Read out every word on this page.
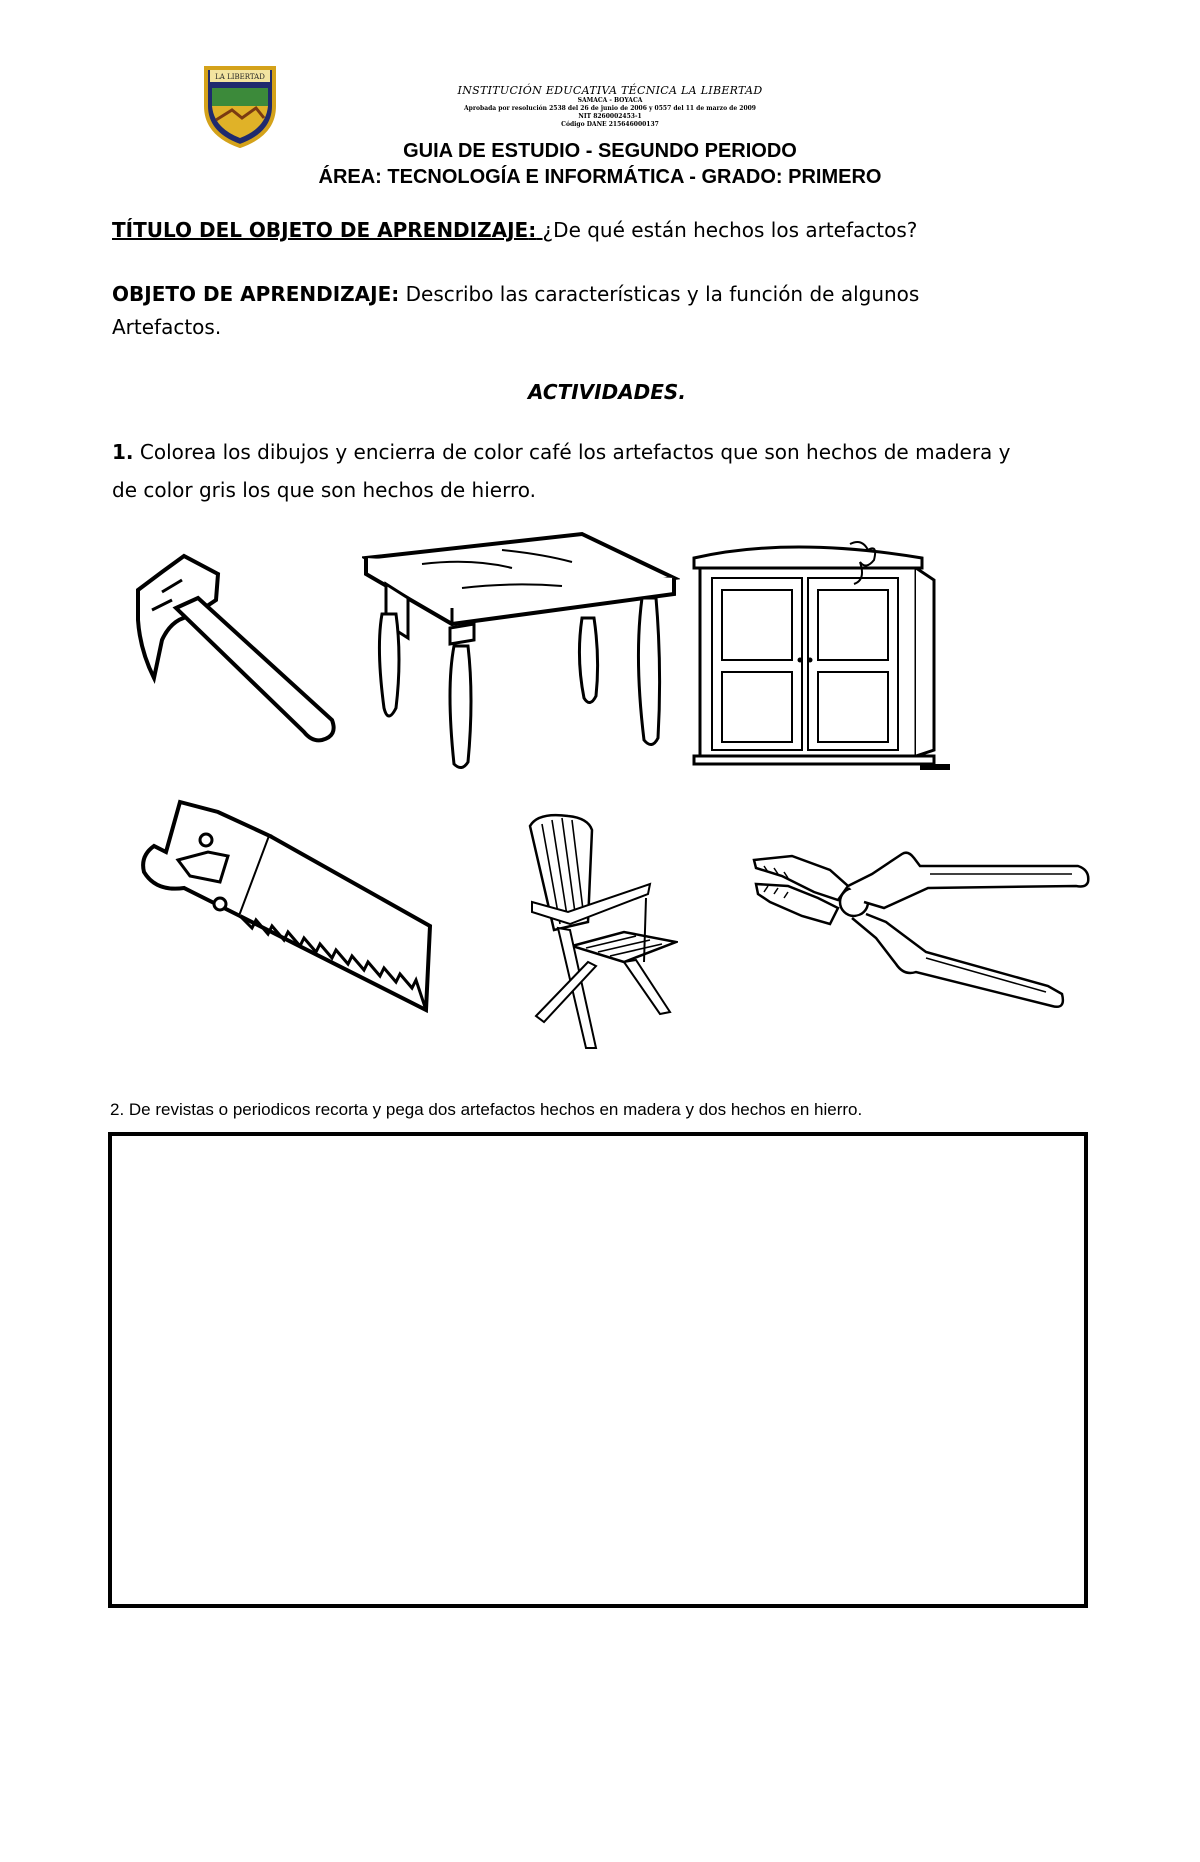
LA LIBERTAD
INSTITUCIÓN EDUCATIVA TÉCNICA LA LIBERTAD
SAMACA - BOYACA
Aprobada por resolución 2538 del 26 de junio de 2006 y 0557 del 11 de marzo de 2009
NIT 8260002453-1
Código DANE 215646000137
GUIA DE ESTUDIO - SEGUNDO PERIODO
ÁREA: TECNOLOGÍA E INFORMÁTICA - GRADO: PRIMERO
TÍTULO DEL OBJETO DE APRENDIZAJE: ¿De qué están hechos los artefactos?
OBJETO DE APRENDIZAJE: Describo las características y la función de algunos
Artefactos.
ACTIVIDADES.
1. Colorea los dibujos y encierra de color café los artefactos que son hechos de madera y
de color gris los que son hechos de hierro.
2. De revistas o periodicos recorta y pega dos artefactos hechos en madera y dos hechos en hierro.
